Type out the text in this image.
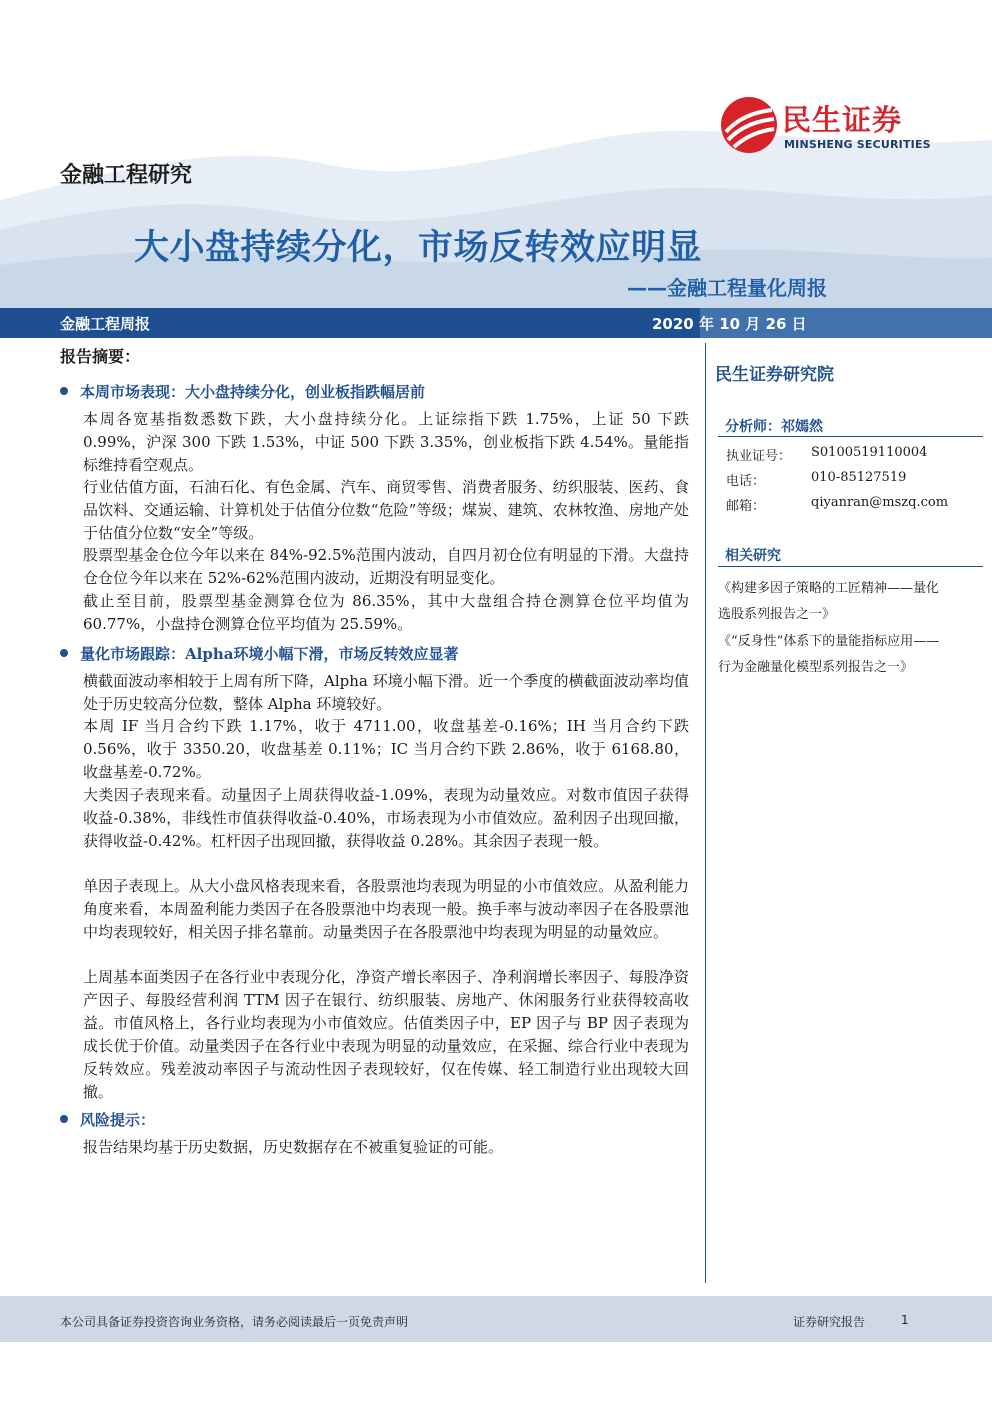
民生证券
MINSHENG SECURITIES
金融工程研究
大小盘持续分化，市场反转效应明显
——金融工程量化周报
金融工程周报	2020 年 10 月 26 日
报告摘要：
本周市场表现：大小盘持续分化，创业板指跌幅居前
本周各宽基指数悉数下跌，大小盘持续分化。上证综指下跌 1.75%，上证 50 下跌 0.99%，沪深 300 下跌 1.53%，中证 500 下跌 3.35%，创业板指下跌 4.54%。量能指标维持看空观点。
行业估值方面，石油石化、有色金属、汽车、商贸零售、消费者服务、纺织服装、医药、食品饮料、交通运输、计算机处于估值分位数“危险”等级；煤炭、建筑、农林牧渔、房地产处于估值分位数“安全”等级。
股票型基金仓位今年以来在 84%-92.5%范围内波动，自四月初仓位有明显的下滑。大盘持仓仓位今年以来在 52%-62%范围内波动，近期没有明显变化。
截止至目前，股票型基金测算仓位为 86.35%，其中大盘组合持仓测算仓位平均值为 60.77%，小盘持仓测算仓位平均值为 25.59%。
量化市场跟踪：Alpha环境小幅下滑，市场反转效应显著
横截面波动率相较于上周有所下降，Alpha 环境小幅下滑。近一个季度的横截面波动率均值处于历史较高分位数，整体 Alpha 环境较好。
本周 IF 当月合约下跌 1.17%，收于 4711.00，收盘基差-0.16%；IH 当月合约下跌 0.56%，收于 3350.20，收盘基差 0.11%；IC 当月合约下跌 2.86%，收于 6168.80，收盘基差-0.72%。
大类因子表现来看。动量因子上周获得收益-1.09%，表现为动量效应。对数市值因子获得收益-0.38%，非线性市值获得收益-0.40%，市场表现为小市值效应。盈利因子出现回撤，获得收益-0.42%。杠杆因子出现回撤，获得收益 0.28%。其余因子表现一般。
单因子表现上。从大小盘风格表现来看，各股票池均表现为明显的小市值效应。从盈利能力角度来看，本周盈利能力类因子在各股票池中均表现一般。换手率与波动率因子在各股票池中均表现较好，相关因子排名靠前。动量类因子在各股票池中均表现为明显的动量效应。
上周基本面类因子在各行业中表现分化，净资产增长率因子、净利润增长率因子、每股净资产因子、每股经营利润 TTM 因子在银行、纺织服装、房地产、休闲服务行业获得较高收益。市值风格上，各行业均表现为小市值效应。估值类因子中，EP 因子与 BP 因子表现为成长优于价值。动量类因子在各行业中表现为明显的动量效应，在采掘、综合行业中表现为反转效应。残差波动率因子与流动性因子表现较好，仅在传媒、轻工制造行业出现较大回撤。
风险提示：
报告结果均基于历史数据，历史数据存在不被重复验证的可能。
民生证券研究院
分析师：祁嫣然
执业证号： S0100519110004
电话：	010-85127519
邮箱：	qiyanran@mszq.com
相关研究
《构建多因子策略的工匠精神——量化
选股系列报告之一》
《“反身性”体系下的量能指标应用——
行为金融量化模型系列报告之一》
本公司具备证券投资咨询业务资格，请务必阅读最后一页免责声明	证券研究报告	1
